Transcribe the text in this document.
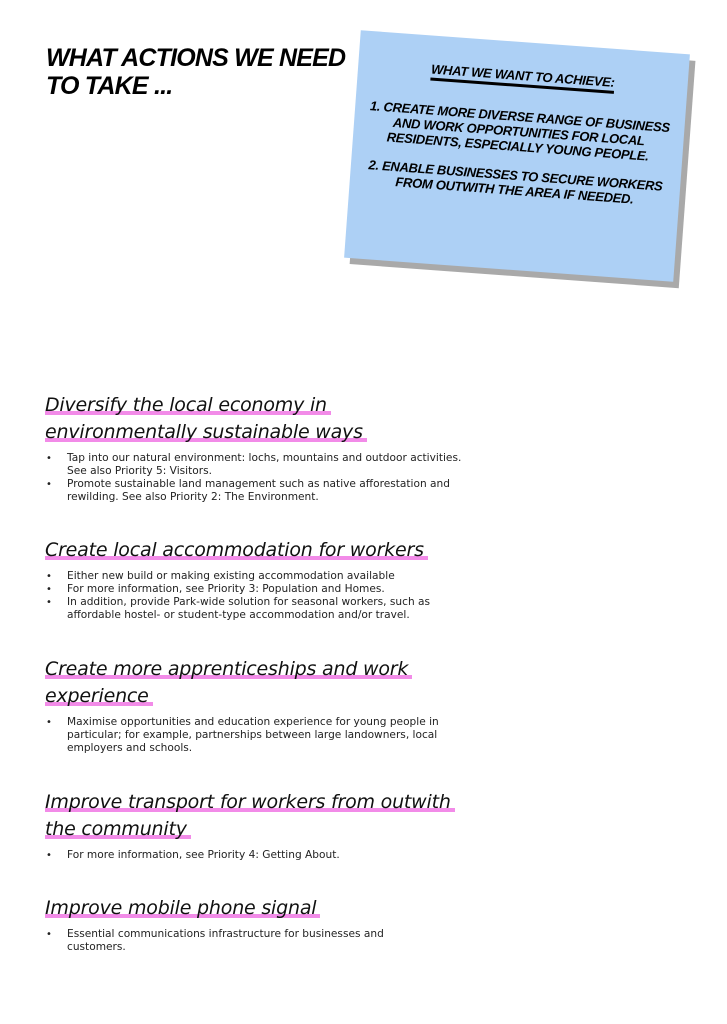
WHAT ACTIONS WE NEED TO TAKE ...	WHAT WE WANT TO ACHIEVE:

1. CREATE MORE DIVERSE RANGE OF BUSINESS AND WORK OPPORTUNITIES FOR LOCAL RESIDENTS, ESPECIALLY YOUNG PEOPLE.

2. ENABLE BUSINESSES TO SECURE WORKERS FROM OUTWITH THE AREA IF NEEDED.

Diversify the local economy in environmentally sustainable ways
• Tap into our natural environment: lochs, mountains and outdoor activities. See also Priority 5: Visitors.
• Promote sustainable land management such as native afforestation and rewilding. See also Priority 2: The Environment.
Create local accommodation for workers
• Either new build or making existing accommodation available
• For more information, see Priority 3: Population and Homes.
• In addition, provide Park-wide solution for seasonal workers, such as affordable hostel- or student-type accommodation and/or travel.
Create more apprenticeships and work experience
• Maximise opportunities and education experience for young people in particular; for example, partnerships between large landowners, local employers and schools.
Improve transport for workers from outwith the community
• For more information, see Priority 4: Getting About.
Improve mobile phone signal
• Essential communications infrastructure for businesses and customers.
